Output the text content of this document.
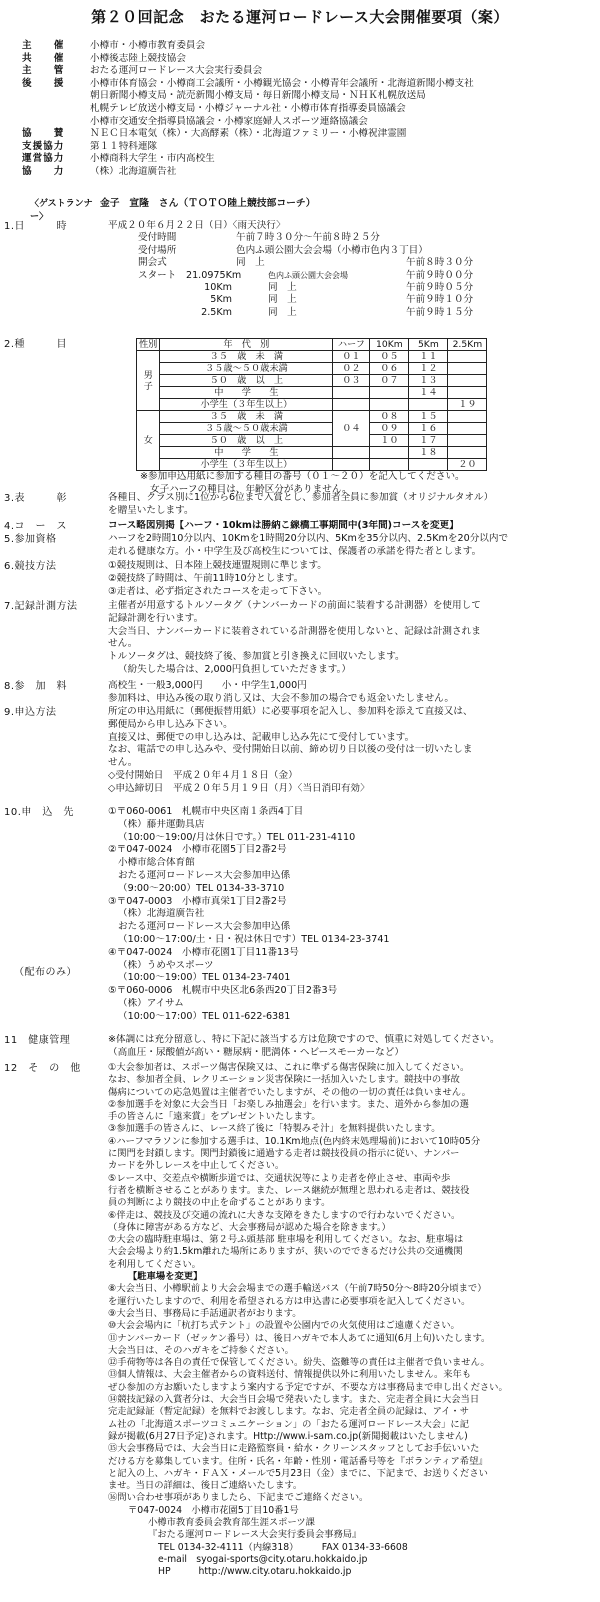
第２０回記念　おたる運河ロードレース大会開催要項（案）
主　　催	小樽市・小樽市教育委員会
共　　催	小樽後志陸上競技協会
主　　管	おたる運河ロードレース大会実行委員会
後　　援	小樽市体育協会・小樽商工会議所・小樽観光協会・小樽青年会議所・北海道新聞小樽支社
朝日新聞小樽支局・読売新聞小樽支局・毎日新聞小樽支局・ＮＨＫ札幌放送局
札幌テレビ放送小樽支局・小樽ジャーナル社・小樽市体育指導委員協議会
小樽市交通安全指導員協議会・小樽家庭婦人スポーツ連絡協議会
協　　賛	ＮＥＣ日本電気（株）・大高酵素（株）・北海道ファミリー・小樽祝津霊園
支援協力	第１１特科連隊
運営協力	小樽商科大学生・市内高校生
協　　力	（株）北海道廣告社
〈ゲストランナー〉金子　宣隆　さん（ＴＯＴＯ陸上競技部コーチ）
1.日　　　時	平成２０年６月２２日（日）〈雨天決行〉
受付時間	午前７時３０分～午前８時２５分
受付場所	色内ふ頭公園大会会場（小樽市色内３丁目）
開会式	同　上	午前８時３０分
スタート　21.0975Km	色内ふ頭公園大会会場	午前９時００分
10Km	同　上	午前９時０５分
5Km	同　上	午前９時１０分
2.5Km	同　上	午前９時１５分
2.種　　　目	性別	年　代　別	ハーフ	10Km	5Km	2.5Km
男　子	３５　歳　未　満	０１	０５	１１	
	３５歳～５０歳未満	０２	０６	１２	
	５０　歳　以　上	０３	０７	１３	
	中　　学　　生			１４	
	小学生（３年生以上）				１９
女	３５　歳　未　満	０４	０８	１５	
	３５歳～５０歳未満		０９	１６	
	５０　歳　以　上		１０	１７	
	中　　学　　生			１８	
	小学生（３年生以上）				２０
※参加申込用紙に参加する種目の番号（０１～２０）を記入してください。
女子ハーフの種目は、年齢区分がありません。
3.表　　　彰	各種目、クラス別に1位から6位まで入賞とし、参加者全員に参加賞（オリジナルタオル）
を贈呈いたします。
4.コ　ー　ス	コース略図別掲【ハーフ・10kmは勝納こ線橋工事期間中(3年間)コースを変更】
5.参加資格	ハーフを2時間10分以内、10Kmを1時間20分以内、5Kmを35分以内、2.5Kmを20分以内で
走れる健康な方。小・中学生及び高校生については、保護者の承諾を得た者とします。
6.競技方法	①競技規則は、日本陸上競技連盟規則に準じます。
②競技終了時間は、午前11時10分とします。
③走者は、必ず指定されたコースを走って下さい。
7.記録計測方法	主催者が用意するトルソータグ（ナンバーカードの前面に装着する計測器）を使用して
記録計測を行います。
大会当日、ナンバーカードに装着されている計測器を使用しないと、記録は計測されま
せん。
トルソータグは、競技終了後、参加賞と引き換えに回収いたします。
（紛失した場合は、2,000円負担していただきます。）
8.参　加　料	高校生・一般3,000円　　小・中学生1,000円
参加料は、申込み後の取り消し又は、大会不参加の場合でも返金いたしません。
9.申込方法	所定の申込用紙に（郵便振替用紙）に必要事項を記入し、参加料を添えて直接又は、
郵便局から申し込み下さい。
直接又は、郵便での申し込みは、記載申し込み先にて受付しています。
なお、電話での申し込みや、受付開始日以前、締め切り日以後の受付は一切いたしま
せん。
◇受付開始日　平成２０年４月１８日（金）
◇申込締切日　平成２０年５月１９日（月）〈当日消印有効〉
10.申　込　先
（配布のみ）
①〒060-0061　札幌市中央区南１条西4丁目
（株）藤井運動具店
（10:00～19:00/月は休日です。）TEL 011-231-4110
②〒047-0024　小樽市花園5丁目2番2号
小樽市総合体育館
おたる運河ロードレース大会参加申込係
（9:00～20:00）TEL 0134-33-3710
③〒047-0003　小樽市真栄1丁目2番2号
（株）北海道廣告社
おたる運河ロードレース大会参加申込係
（10:00～17:00/土・日・祝は休日です）TEL 0134-23-3741
④〒047-0024　小樽市花園1丁目11番13号
（株）うめやスポーツ
（10:00～19:00）TEL 0134-23-7401
⑤〒060-0006　札幌市中央区北6条西20丁目2番3号
（株）アイサム
（10:00～17:00）TEL 011-622-6381
11　健康管理	※体調には充分留意し、特に下記に該当する方は危険ですので、慎重に対処してください。
（高血圧・尿酸値が高い・糖尿病・肥満体・ヘビースモーカーなど）
12　そ　の　他	①大会参加者は、スポーツ傷害保険又は、これに準ずる傷害保険に加入してください。
なお、参加者全員、レクリエーション災害保険に一括加入いたします。競技中の事故
傷病についての応急処置は主催者でいたしますが、その他の一切の責任は負いません。
②参加選手を対象に大会当日「お楽しみ抽選会」を行います。また、道外から参加の選
手の皆さんに「遠来賞」をプレゼントいたします。
③参加選手の皆さんに、レース終了後に「特製みそ汁」を無料提供いたします。
④ハーフマラソンに参加する選手は、10.1Km地点(色内終末処理場前)において10時05分
に関門を封鎖します。関門封鎖後に通過する走者は競技役員の指示に従い、ナンバー
カードを外しレースを中止してください。
⑤レース中、交差点や横断歩道では、交通状況等により走者を停止させ、車両や歩
行者を横断させることがあります。また、レース継続が無理と思われる走者は、競技役
員の判断により競技の中止を命ずることがあります。
⑥伴走は、競技及び交通の流れに大きな支障をきたしますので行わないでください。
（身体に障害がある方など、大会事務局が認めた場合を除きます。）
⑦大会の臨時駐車場は、第２号ふ頭基部 駐車場を利用してください。なお、駐車場は
大会会場より約1.5km離れた場所にありますが、狭いのでできるだけ公共の交通機関
を利用してください。
【駐車場を変更】
⑧大会当日、小樽駅前より大会会場までの選手輸送バス（午前7時50分～8時20分頃まで）
を運行いたしますので、利用を希望される方は申込書に必要事項を記入してください。
⑨大会当日、事務局に手話通訳者がおります。
⑩大会会場内に「杭打ち式テント」の設置や公園内での火気使用はご遠慮ください。
⑪ナンバーカード（ゼッケン番号）は、後日ハガキで本人あてに通知(6月上旬)いたします。
大会当日は、そのハガキをご持参ください。
⑫手荷物等は各自の責任で保管してください。紛失、盗難等の責任は主催者で負いません。
⑬個人情報は、大会主催者からの資料送付、情報提供以外に利用いたしません。来年も
ぜひ参加の方お願いたしますよう案内する予定ですが、不要な方は事務局まで申し出ください。
⑭競技記録の入賞者分は、大会当日会場で発表いたします。また、完走者全員に大会当日
完走記録証（暫定記録）を無料でお渡しします。なお、完走者全員の記録は、アイ・サ
ム社の「北海道スポーツコミュニケーション」の「おたる運河ロードレース大会」に記
録が掲載(6月27日予定)されます。Http://www.i-sam.co.jp(新聞掲載はいたしません)
⑮大会事務局では、大会当日に走路監察員・給水・クリーンスタッフとしてお手伝いいた
だける方を募集しています。住所・氏名・年齢・性別・電話番号等を『ボランティア希望』
と記入の上、ハガキ・ＦＡＸ・メールで5月23日（金）までに、下記まで、お送りください
ませ。当日の詳細は、後日ご連絡いたします。
⑯問い合わせ事項がありましたら、下記までご連絡ください。
〒047-0024　小樽市花園5丁目10番1号
小樽市教育委員会教育部生涯スポーツ課
『おたる運河ロードレース大会実行委員会事務局』
TEL 0134-32-4111（内線318）　　　FAX 0134-33-6608
e-mail　syogai-sports@city.otaru.hokkaido.jp
HP　　　http://www.city.otaru.hokkaido.jp
